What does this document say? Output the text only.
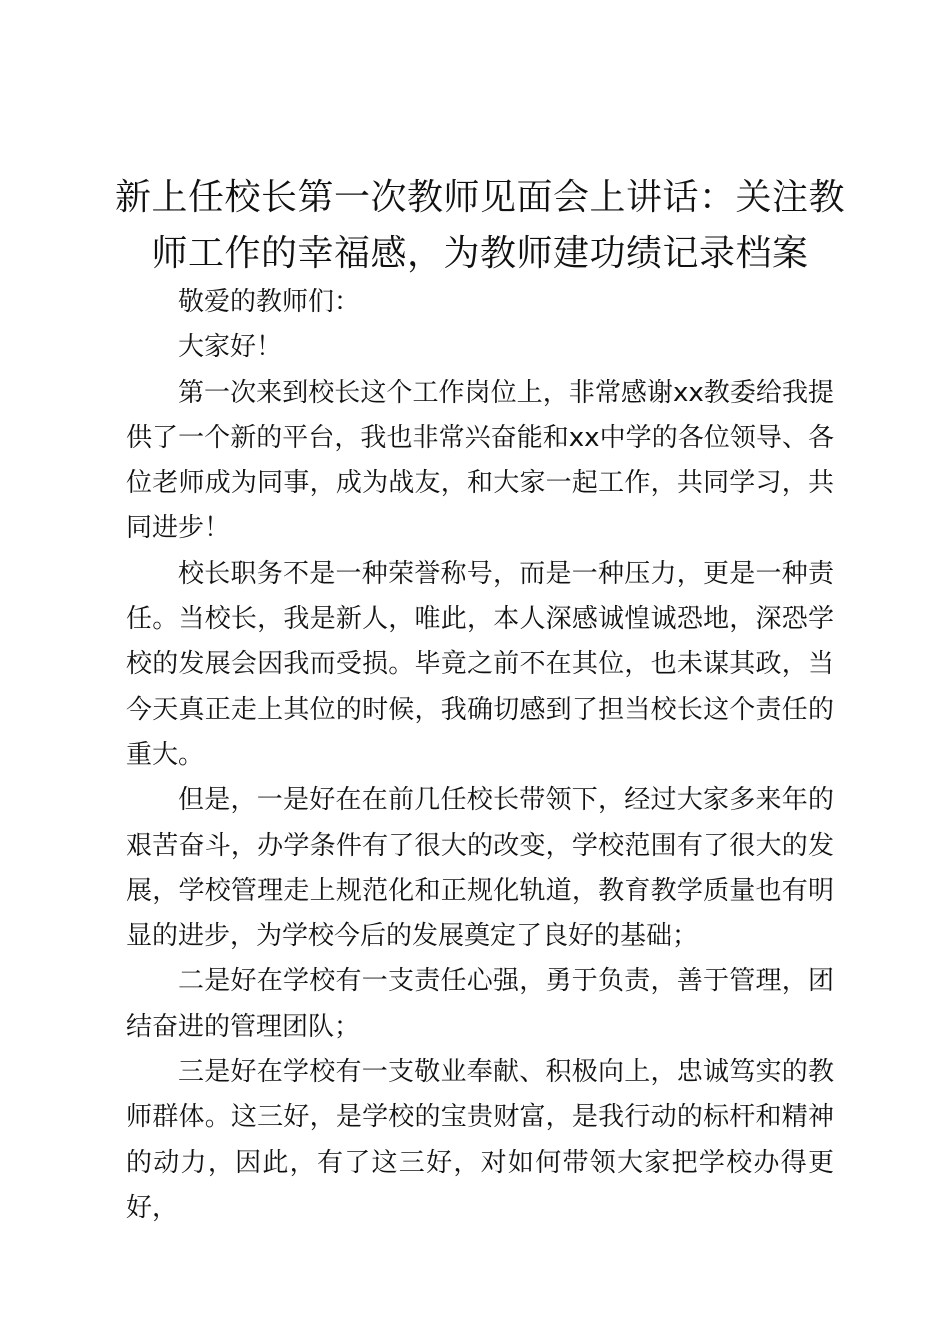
新上任校长第一次教师见面会上讲话：关注教师工作的幸福感，为教师建功绩记录档案

敬爱的教师们：

大家好！

第一次来到校长这个工作岗位上，非常感谢xx教委给我提供了一个新的平台，我也非常兴奋能和xx中学的各位领导、各位老师成为同事，成为战友，和大家一起工作，共同学习，共同进步！

校长职务不是一种荣誉称号，而是一种压力，更是一种责任。当校长，我是新人，唯此，本人深感诚惶诚恐地，深恐学校的发展会因我而受损。毕竟之前不在其位，也未谋其政，当今天真正走上其位的时候，我确切感到了担当校长这个责任的重大。

但是，一是好在在前几任校长带领下，经过大家多来年的艰苦奋斗，办学条件有了很大的改变，学校范围有了很大的发展，学校管理走上规范化和正规化轨道，教育教学质量也有明显的进步，为学校今后的发展奠定了良好的基础；

二是好在学校有一支责任心强，勇于负责，善于管理，团结奋进的管理团队；

三是好在学校有一支敬业奉献、积极向上，忠诚笃实的教师群体。这三好，是学校的宝贵财富，是我行动的标杆和精神的动力，因此，有了这三好，对如何带领大家把学校办得更好，
